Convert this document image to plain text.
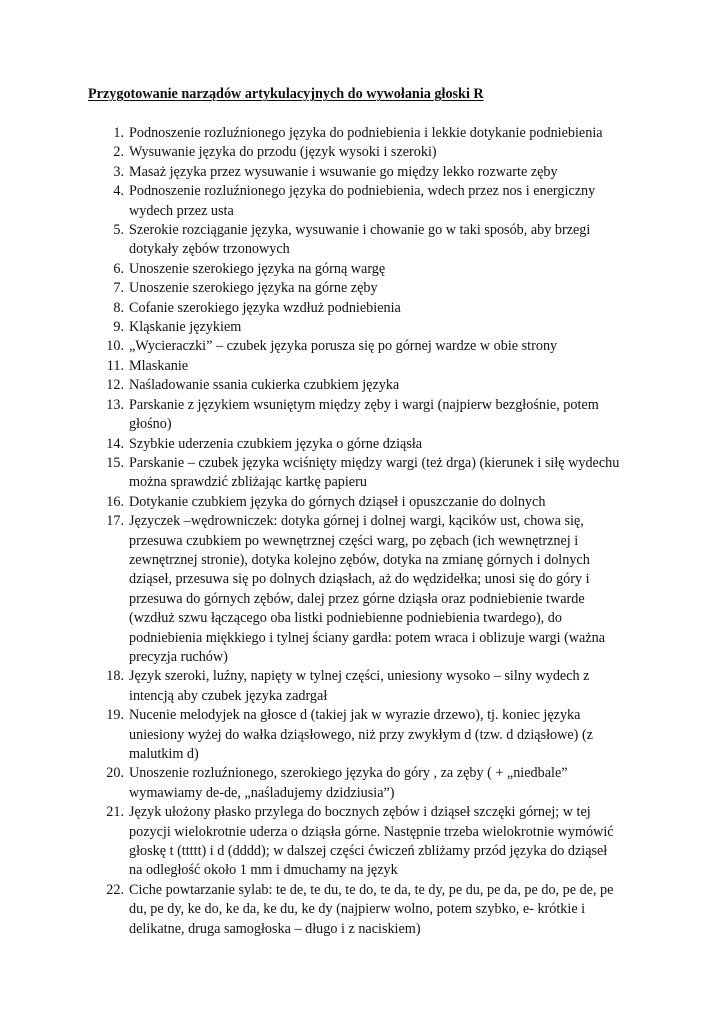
Przygotowanie narządów artykulacyjnych do wywołania głoski R
1. Podnoszenie rozluźnionego języka do podniebienia i lekkie dotykanie podniebienia
2. Wysuwanie języka do przodu (język wysoki i szeroki)
3. Masaż języka przez wysuwanie i wsuwanie go między lekko rozwarte zęby
4. Podnoszenie rozluźnionego języka do podniebienia, wdech przez nos i energiczny
wydech przez usta
5. Szerokie rozciąganie języka, wysuwanie i chowanie go w taki sposób, aby brzegi
dotykały zębów trzonowych
6. Unoszenie szerokiego języka na górną wargę
7. Unoszenie szerokiego języka na górne zęby
8. Cofanie szerokiego języka wzdłuż podniebienia
9. Kląskanie językiem
10. „Wycieraczki” – czubek języka porusza się po górnej wardze w obie strony
11. Mlaskanie
12. Naśladowanie ssania cukierka czubkiem języka
13. Parskanie z językiem wsuniętym między zęby i wargi (najpierw bezgłośnie, potem
głośno)
14. Szybkie uderzenia czubkiem języka o górne dziąsła
15. Parskanie – czubek języka wciśnięty między wargi (też drga) (kierunek i siłę wydechu
można sprawdzić zbliżając kartkę papieru
16. Dotykanie czubkiem języka do górnych dziąseł i opuszczanie do dolnych
17. Języczek –wędrowniczek: dotyka górnej i dolnej wargi, kącików ust, chowa się,
przesuwa czubkiem po wewnętrznej części warg, po zębach (ich wewnętrznej i
zewnętrznej stronie), dotyka kolejno zębów, dotyka na zmianę górnych i dolnych
dziąseł, przesuwa się po dolnych dziąsłach, aż do wędzidełka; unosi się do góry i
przesuwa do górnych zębów, dalej przez górne dziąsła oraz podniebienie twarde
(wzdłuż szwu łączącego oba listki podniebienne podniebienia twardego), do
podniebienia miękkiego i tylnej ściany gardła: potem wraca i oblizuje wargi (ważna
precyzja ruchów)
18. Język szeroki, luźny, napięty w tylnej części, uniesiony wysoko – silny wydech z
intencją aby czubek języka zadrgał
19. Nucenie melodyjek na głosce d (takiej jak w wyrazie drzewo), tj. koniec języka
uniesiony wyżej do wałka dziąsłowego, niż przy zwykłym d (tzw. d dziąsłowe) (z
malutkim d)
20. Unoszenie rozluźnionego, szerokiego języka do góry , za zęby ( + „niedbale”
wymawiamy de-de, „naśladujemy dzidziusia”)
21. Język ułożony płasko przylega do bocznych zębów i dziąseł szczęki górnej; w tej
pozycji wielokrotnie uderza o dziąsła górne. Następnie trzeba wielokrotnie wymówić
głoskę t (ttttt) i d (dddd); w dalszej części ćwiczeń zbliżamy przód języka do dziąseł
na odległość około 1 mm i dmuchamy na język
22. Ciche powtarzanie sylab: te de, te du, te do, te da, te dy, pe du, pe da, pe do, pe de, pe
du, pe dy, ke do, ke da, ke du, ke dy (najpierw wolno, potem szybko, e- krótkie i
delikatne, druga samogłoska – długo i z naciskiem)
